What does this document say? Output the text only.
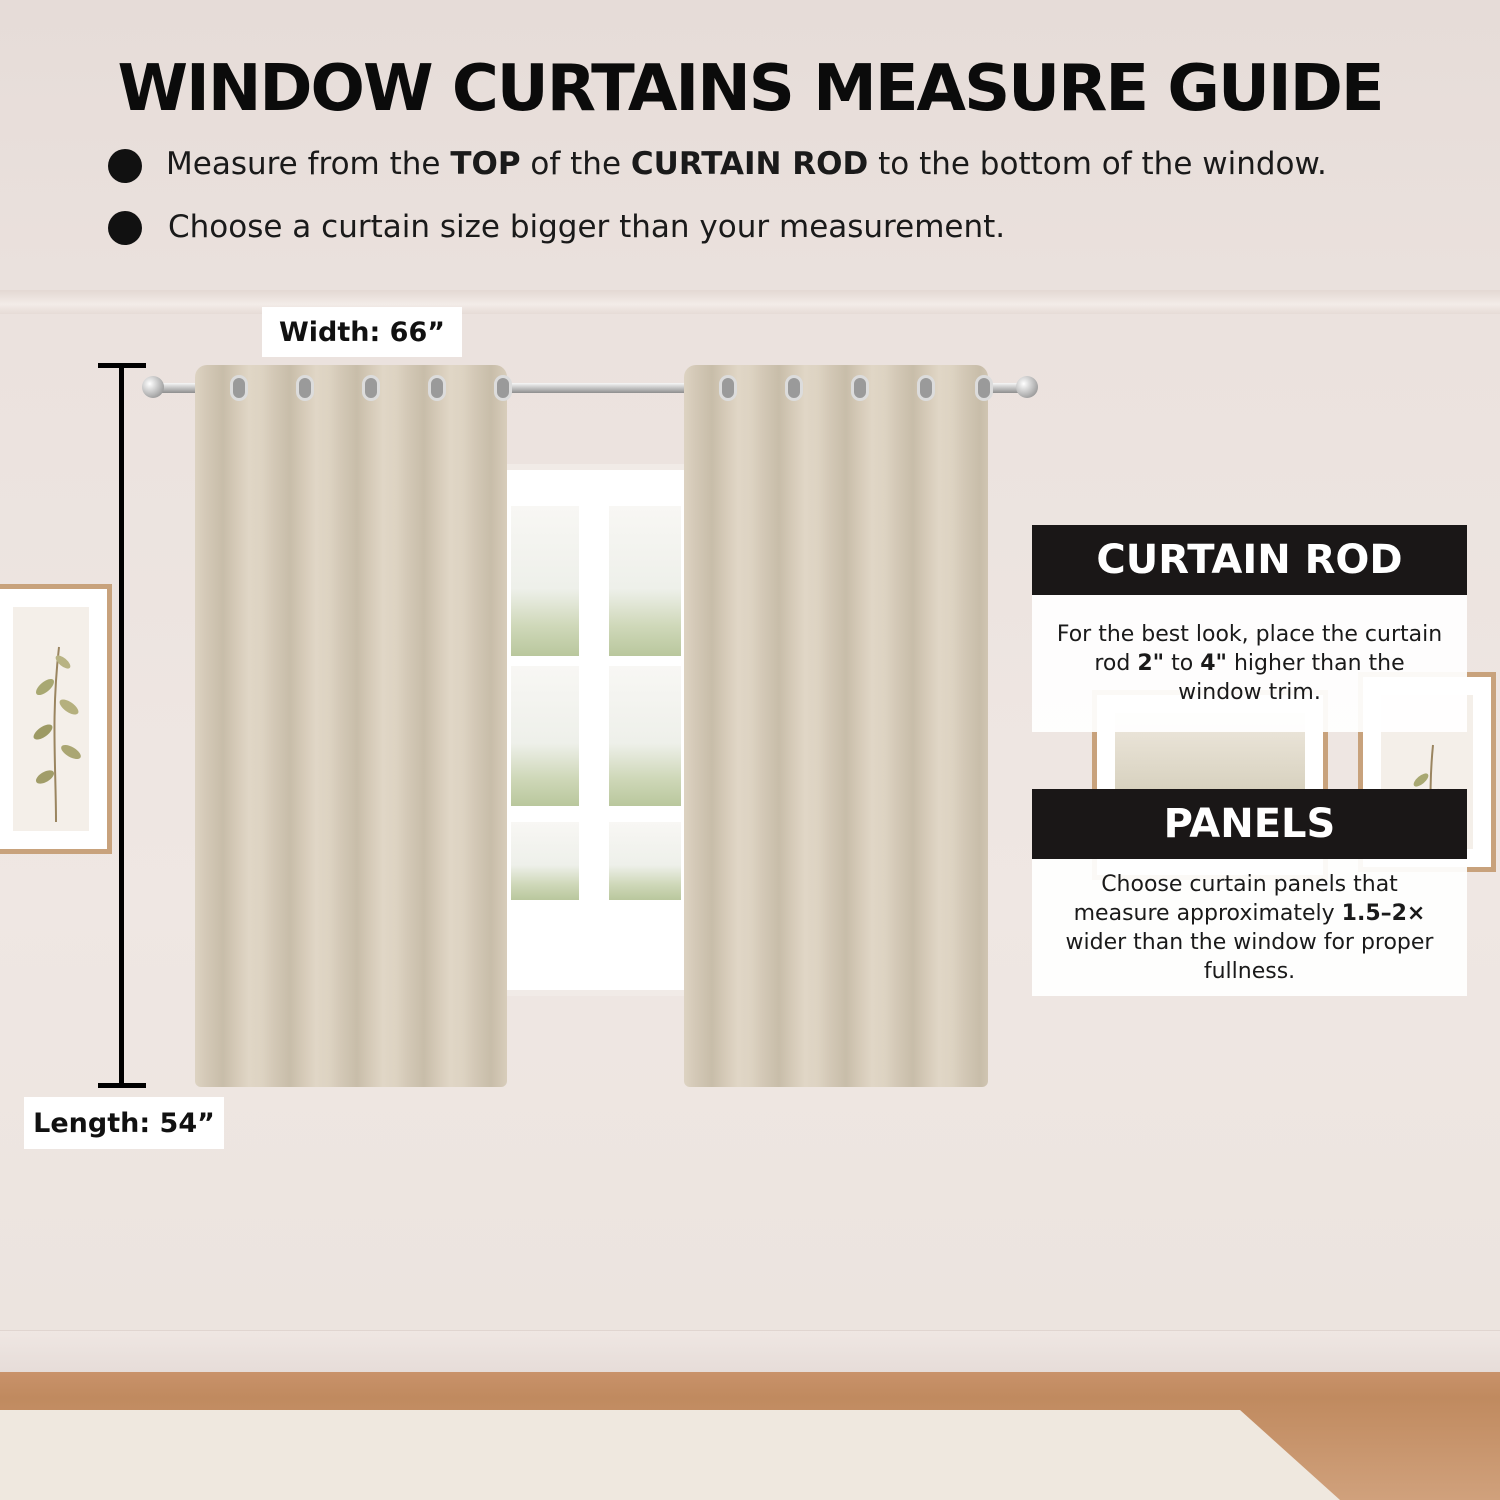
WINDOW CURTAINS MEASURE GUIDE
Measure from the TOP of the CURTAIN ROD to the bottom of the window.
Choose a curtain size bigger than your measurement.
Width: 66”
Length: 54”
CURTAIN ROD
For the best look, place the curtain rod 2" to 4" higher than the window trim.
PANELS
Choose curtain panels that measure approximately 1.5–2× wider than the window for proper fullness.
